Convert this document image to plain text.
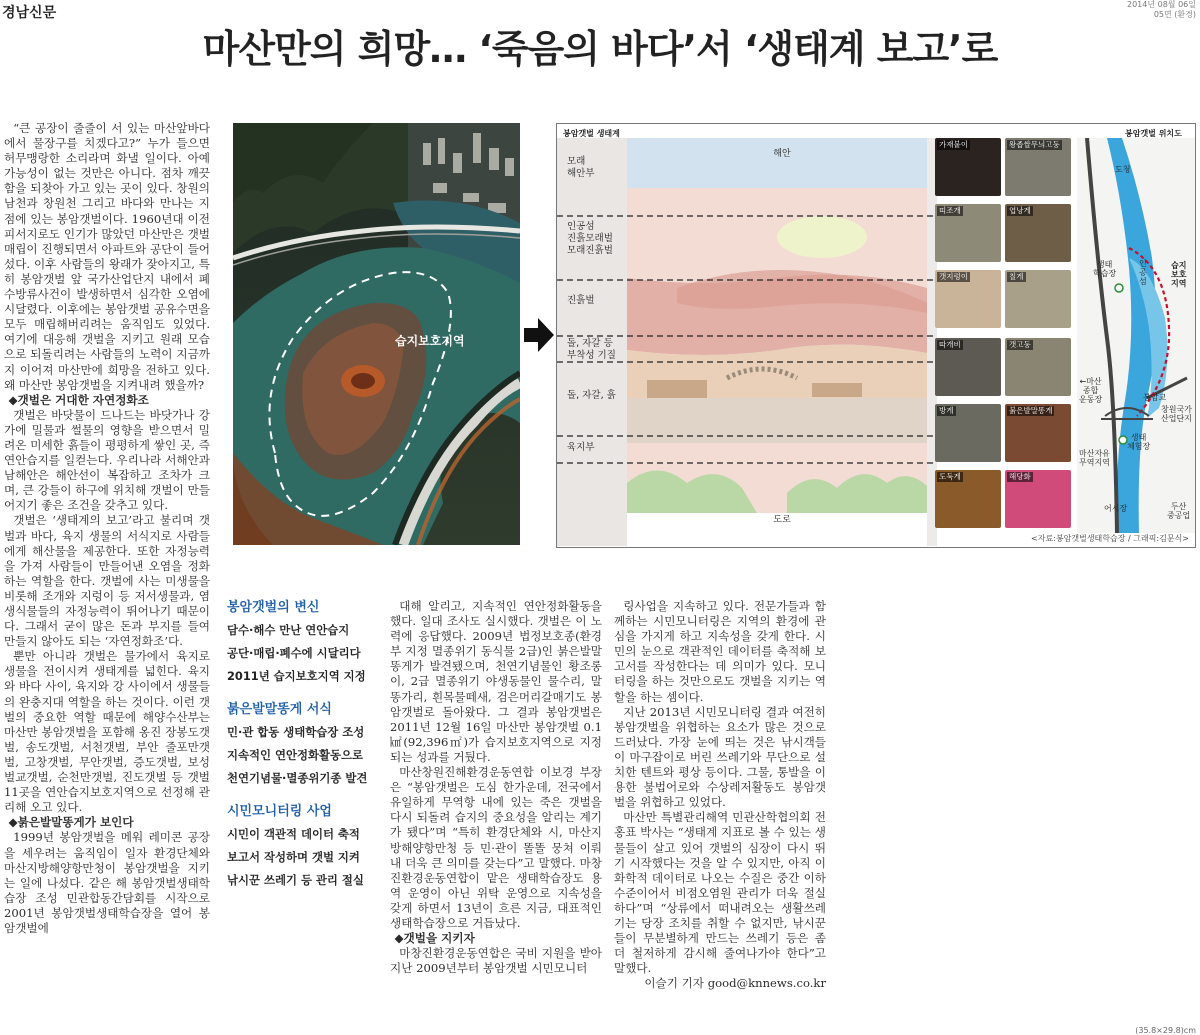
경남신문
2014년 08월 06일
05면 (환경)
마산만의 희망… ‘죽음의 바다’서 ‘생태계 보고’로

“큰 공장이 줄줄이 서 있는 마산앞바다에서 물장구를 치겠다고?” 누가 들으면 허무맹랑한 소리라며 화낼 일이다. 아예 가능성이 없는 것만은 아니다. 점차 깨끗함을 되찾아 가고 있는 곳이 있다. 창원의 남천과 창원천 그리고 바다와 만나는 지점에 있는 봉암갯벌이다. 1960년대 이전 피서지로도 인기가 많았던 마산만은 갯벌 매립이 진행되면서 아파트와 공단이 들어섰다. 이후 사람들의 왕래가 잦아지고, 특히 봉암갯벌 앞 국가산업단지 내에서 폐수방류사건이 발생하면서 심각한 오염에 시달렸다. 이후에는 봉암갯벌 공유수면을 모두 매립해버리려는 움직임도 있었다. 여기에 대응해 갯벌을 지키고 원래 모습으로 되돌리려는 사람들의 노력이 지금까지 이어져 마산만에 희망을 전하고 있다. 왜 마산만 봉암갯벌을 지켜내려 했을까?

◆갯벌은 거대한 자연정화조

갯벌은 바닷물이 드나드는 바닷가나 강가에 밀물과 썰물의 영향을 받으면서 밀려온 미세한 흙들이 평평하게 쌓인 곳, 즉 연안습지를 일컫는다. 우리나라 서해안과 남해안은 해안선이 복잡하고 조차가 크며, 큰 강들이 하구에 위치해 갯벌이 만들어지기 좋은 조건을 갖추고 있다.

갯벌은 ‘생태계의 보고’라고 불리며 갯벌과 바다, 육지 생물의 서식지로 사람들에게 해산물을 제공한다. 또한 자정능력을 가져 사람들이 만들어낸 오염을 정화하는 역할을 한다. 갯벌에 사는 미생물을 비롯해 조개와 지렁이 등 저서생물과, 염생식물들의 자정능력이 뛰어나기 때문이다. 그래서 굳이 많은 돈과 부지를 들여 만들지 않아도 되는 ‘자연정화조’다.

뿐만 아니라 갯벌은 물가에서 육지로 생물을 전이시켜 생태계를 넓힌다. 육지와 바다 사이, 육지와 강 사이에서 생물들의 완충지대 역할을 하는 것이다. 이런 갯벌의 중요한 역할 때문에 해양수산부는 마산만 봉암갯벌을 포함해 옹진 장봉도갯벌, 송도갯벌, 서천갯벌, 부안 줄포만갯벌, 고창갯벌, 무안갯벌, 증도갯벌, 보성벌교갯벌, 순천만갯벌, 진도갯벌 등 갯벌 11곳을 연안습지보호지역으로 선정해 관리해 오고 있다.

◆붉은발말똥게가 보인다

1999년 봉암갯벌을 메워 레미콘 공장을 세우려는 움직임이 일자 환경단체와 마산지방해양항만청이 봉암갯벌을 지키는 일에 나섰다. 같은 해 봉암갯벌생태학습장 조성 민관합동간담회를 시작으로 2001년 봉암갯벌생태학습장을 열어 봉암갯벌에

대해 알리고, 지속적인 연안정화활동을 했다. 일대 조사도 실시했다. 갯벌은 이 노력에 응답했다. 2009년 법정보호종(환경부 지정 멸종위기 동식물 2급)인 붉은발말똥게가 발견됐으며, 천연기념물인 황조롱이, 2급 멸종위기 야생동물인 물수리, 말똥가리, 흰목물떼새, 검은머리갈매기도 봉암갯벌로 돌아왔다. 그 결과 봉암갯벌은 2011년 12월 16일 마산만 봉암갯벌 0.1㎢(92,396㎡)가 습지보호지역으로 지정되는 성과를 거뒀다.

마산창원진해환경운동연합 이보경 부장은 “봉암갯벌은 도심 한가운데, 전국에서 유일하게 무역항 내에 있는 죽은 갯벌을 다시 되돌려 습지의 중요성을 알리는 계기가 됐다”며 “특히 환경단체와 시, 마산지방해양항만청 등 민·관이 똘똘 뭉쳐 이뤄내 더욱 큰 의미를 갖는다”고 말했다. 마창진환경운동연합이 맡은 생태학습장도 용역 운영이 아닌 위탁 운영으로 지속성을 갖게 하면서 13년이 흐른 지금, 대표적인 생태학습장으로 거듭났다.

◆갯벌을 지키자

마창진환경운동연합은 국비 지원을 받아 지난 2009년부터 봉암갯벌 시민모니터

링사업을 지속하고 있다. 전문가들과 함께하는 시민모니터링은 지역의 환경에 관심을 가지게 하고 지속성을 갖게 한다. 시민의 눈으로 객관적인 데이터를 축적해 보고서를 작성한다는 데 의미가 있다. 모니터링을 하는 것만으로도 갯벌을 지키는 역할을 하는 셈이다.

지난 2013년 시민모니터링 결과 여전히 봉암갯벌을 위협하는 요소가 많은 것으로 드러났다. 가장 눈에 띄는 것은 낚시객들이 마구잡이로 버린 쓰레기와 무단으로 설치한 텐트와 평상 등이다. 그물, 통발을 이용한 불법어로와 수상레저활동도 봉암갯벌을 위협하고 있었다.

마산만 특별관리해역 민관산학협의회 전홍표 박사는 “생태계 지표로 볼 수 있는 생물들이 살고 있어 갯벌의 심장이 다시 뛰기 시작했다는 것을 알 수 있지만, 아직 이화학적 데이터로 나오는 수질은 중간 이하 수준이어서 비점오염원 관리가 더욱 절실하다”며 “상류에서 떠내려오는 생활쓰레기는 당장 조치를 취할 수 없지만, 낚시꾼들이 무분별하게 만드는 쓰레기 등은 좀 더 철저하게 감시해 줄여나가야 한다”고 말했다.

이슬기 기자 good@knnews.co.kr

습지보호지역
봉암갯벌 생태계	봉암갯벌 위치도
해안
도로
모래
해안부
인공섬
진흙모래벌
모래진흙벌
진흙벌
돌, 자갈 등
부착성 기질
돌, 자갈, 흙
육지부
가재붙이	왕좁쌀무늬고둥
띠조개	엽낭게
갯지렁이	칠게
따개비	갯고둥
방게	붉은발말똥게
도둑게	해당화
도청
생태
학습장
인
공
섬
습지
보호
지역
←마산
종합
운동장	봉암교
창원국가
산업단지
생태
체험장
마산자유
무역지역
어시장	두산
중공업
<자료:봉암갯벌생태학습장 / 그래픽:김문식>
봉암갯벌의 변신
담수·해수 만난 연안습지
공단·매립·폐수에 시달리다
2011년 습지보호지역 지정
붉은발말똥게 서식
민·관 합동 생태학습장 조성
지속적인 연안정화활동으로
천연기념물·멸종위기종 발견
시민모니터링 사업
시민이 객관적 데이터 축적
보고서 작성하며 갯벌 지켜
낚시꾼 쓰레기 등 관리 절실
(35.8×29.8)cm
